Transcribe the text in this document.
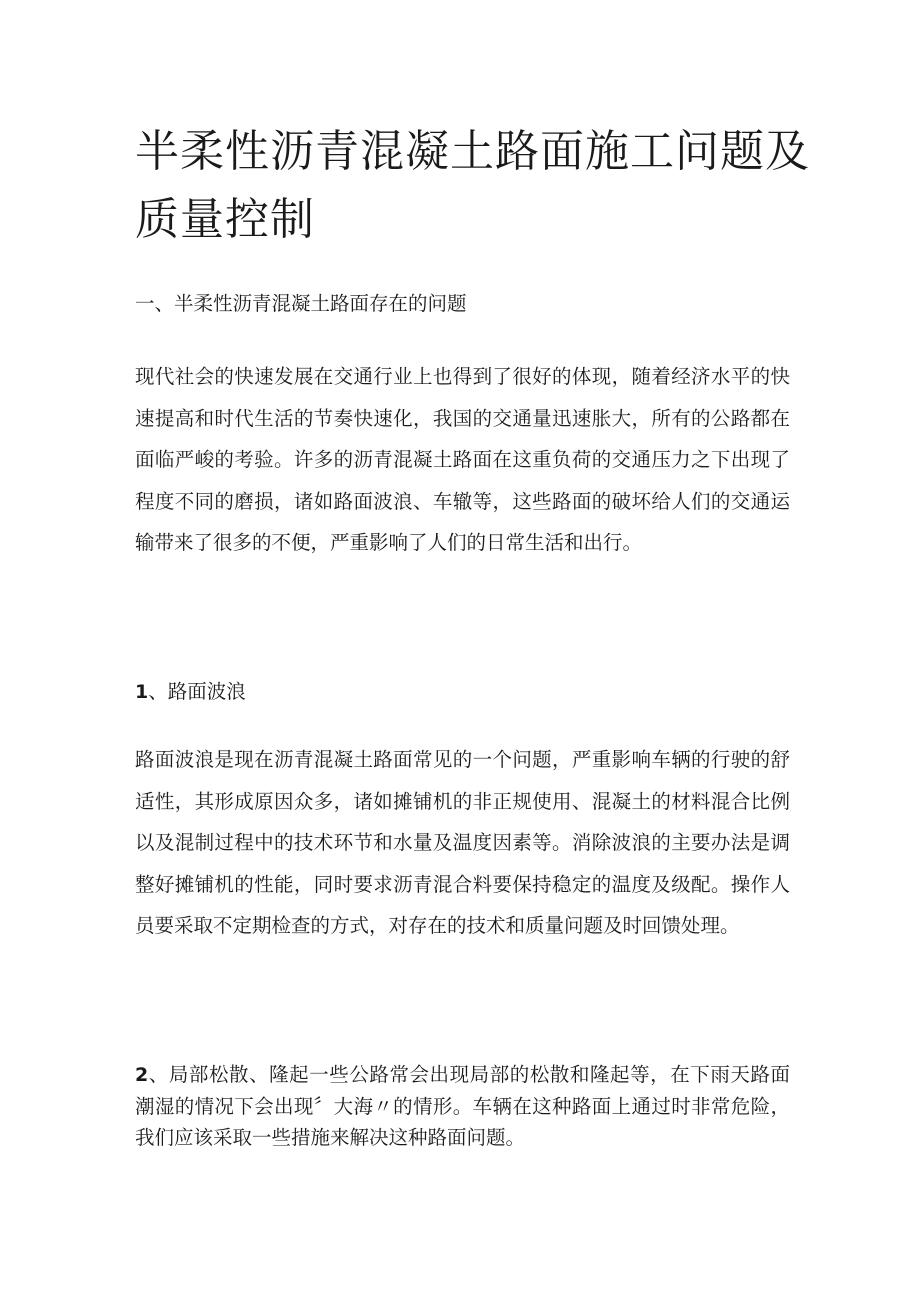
半柔性沥青混凝土路面施工问题及质量控制

一、半柔性沥青混凝土路面存在的问题

现代社会的快速发展在交通行业上也得到了很好的体现，随着经济水平的快速提高和时代生活的节奏快速化，我国的交通量迅速胀大，所有的公路都在面临严峻的考验。许多的沥青混凝土路面在这重负荷的交通压力之下出现了程度不同的磨损，诸如路面波浪、车辙等，这些路面的破坏给人们的交通运输带来了很多的不便，严重影响了人们的日常生活和出行。

1、路面波浪

路面波浪是现在沥青混凝土路面常见的一个问题，严重影响车辆的行驶的舒适性，其形成原因众多，诸如摊铺机的非正规使用、混凝土的材料混合比例以及混制过程中的技术环节和水量及温度因素等。消除波浪的主要办法是调整好摊铺机的性能，同时要求沥青混合料要保持稳定的温度及级配。操作人员要采取不定期检查的方式，对存在的技术和质量问题及时回馈处理。

2、局部松散、隆起一些公路常会出现局部的松散和隆起等，在下雨天路面潮湿的情况下会出现〞大海〃的情形。车辆在这种路面上通过时非常危险，我们应该采取一些措施来解决这种路面问题。
